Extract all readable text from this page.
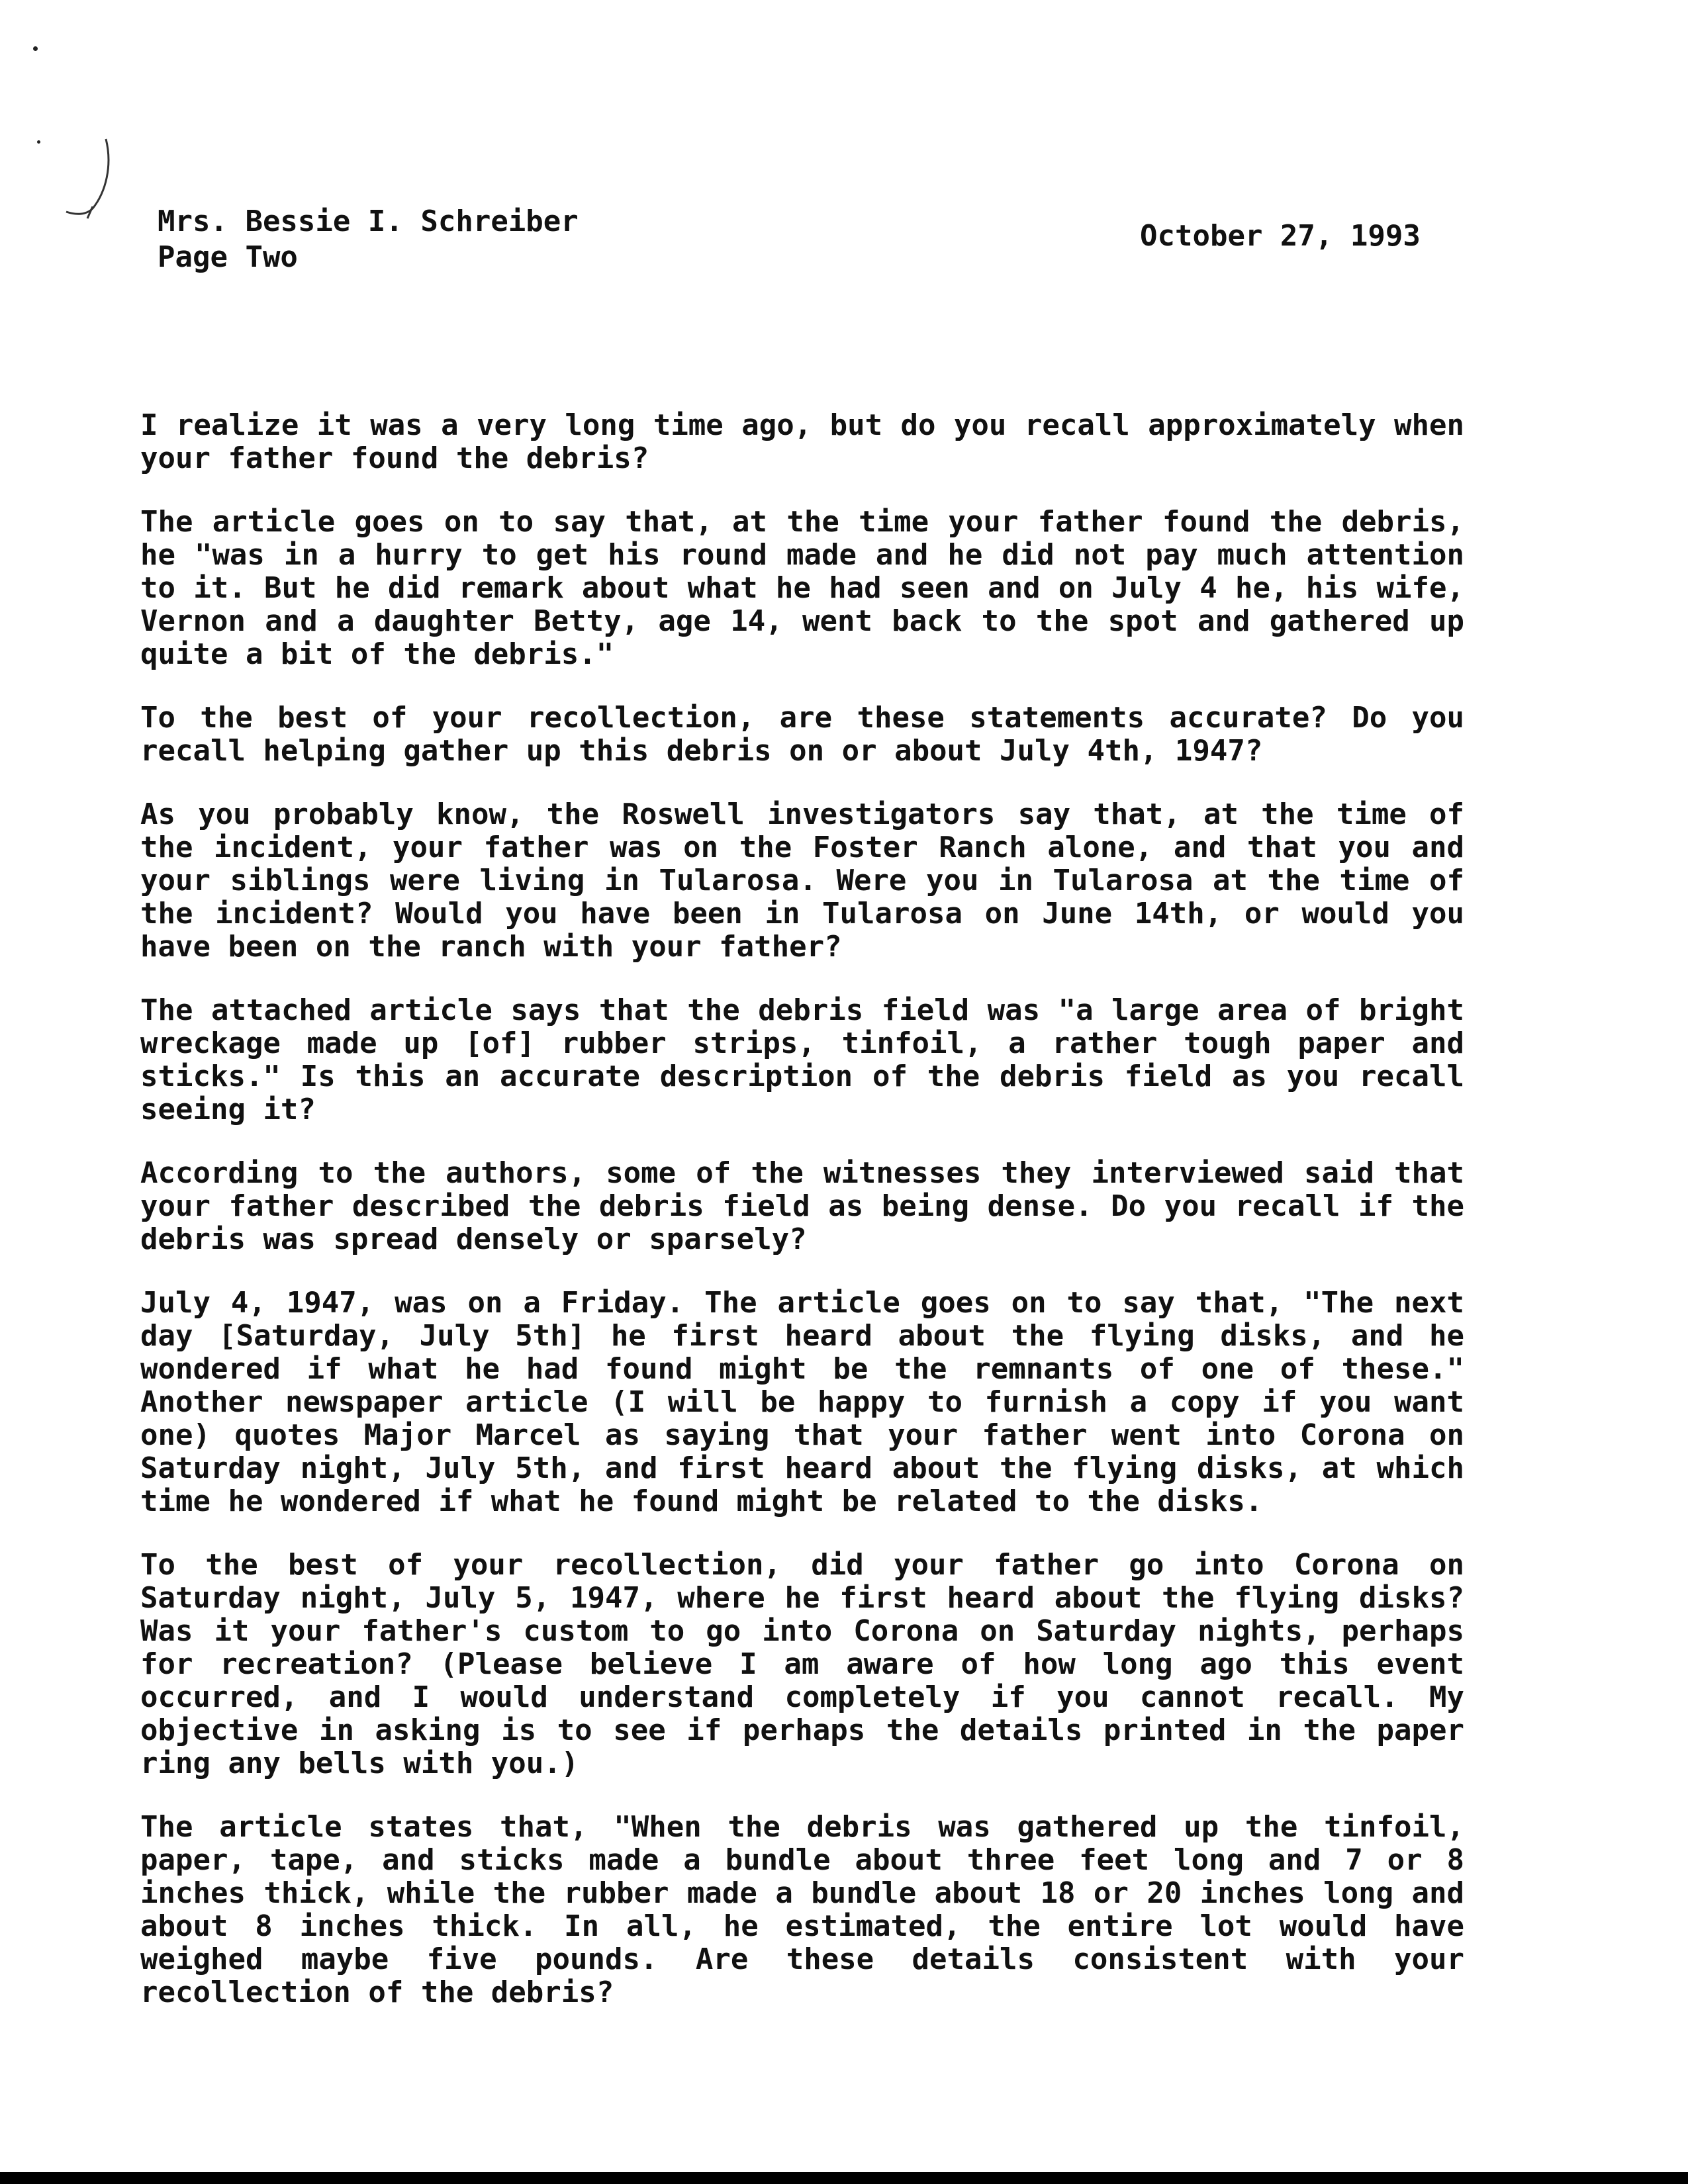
Mrs. Bessie I. Schreiber
Page Two
October 27, 1993

I realize it was a very long time ago, but do you recall approximately when your father found the debris?

The article goes on to say that, at the time your father found the debris, he "was in a hurry to get his round made and he did not pay much attention to it. But he did remark about what he had seen and on July 4 he, his wife, Vernon and a daughter Betty, age 14, went back to the spot and gathered up quite a bit of the debris."

To the best of your recollection, are these statements accurate? Do you recall helping gather up this debris on or about July 4th, 1947?

As you probably know, the Roswell investigators say that, at the time of the incident, your father was on the Foster Ranch alone, and that you and your siblings were living in Tularosa. Were you in Tularosa at the time of the incident? Would you have been in Tularosa on June 14th, or would you have been on the ranch with your father?

The attached article says that the debris field was "a large area of bright wreckage made up [of] rubber strips, tinfoil, a rather tough paper and sticks." Is this an accurate description of the debris field as you recall seeing it?

According to the authors, some of the witnesses they interviewed said that your father described the debris field as being dense. Do you recall if the debris was spread densely or sparsely?

July 4, 1947, was on a Friday. The article goes on to say that, "The next day [Saturday, July 5th] he first heard about the flying disks, and he wondered if what he had found might be the remnants of one of these." Another newspaper article (I will be happy to furnish a copy if you want one) quotes Major Marcel as saying that your father went into Corona on Saturday night, July 5th, and first heard about the flying disks, at which time he wondered if what he found might be related to the disks.

To the best of your recollection, did your father go into Corona on Saturday night, July 5, 1947, where he first heard about the flying disks? Was it your father's custom to go into Corona on Saturday nights, perhaps for recreation? (Please believe I am aware of how long ago this event occurred, and I would understand completely if you cannot recall. My objective in asking is to see if perhaps the details printed in the paper ring any bells with you.)

The article states that, "When the debris was gathered up the tinfoil, paper, tape, and sticks made a bundle about three feet long and 7 or 8 inches thick, while the rubber made a bundle about 18 or 20 inches long and about 8 inches thick. In all, he estimated, the entire lot would have weighed maybe five pounds. Are these details consistent with your recollection of the debris?
